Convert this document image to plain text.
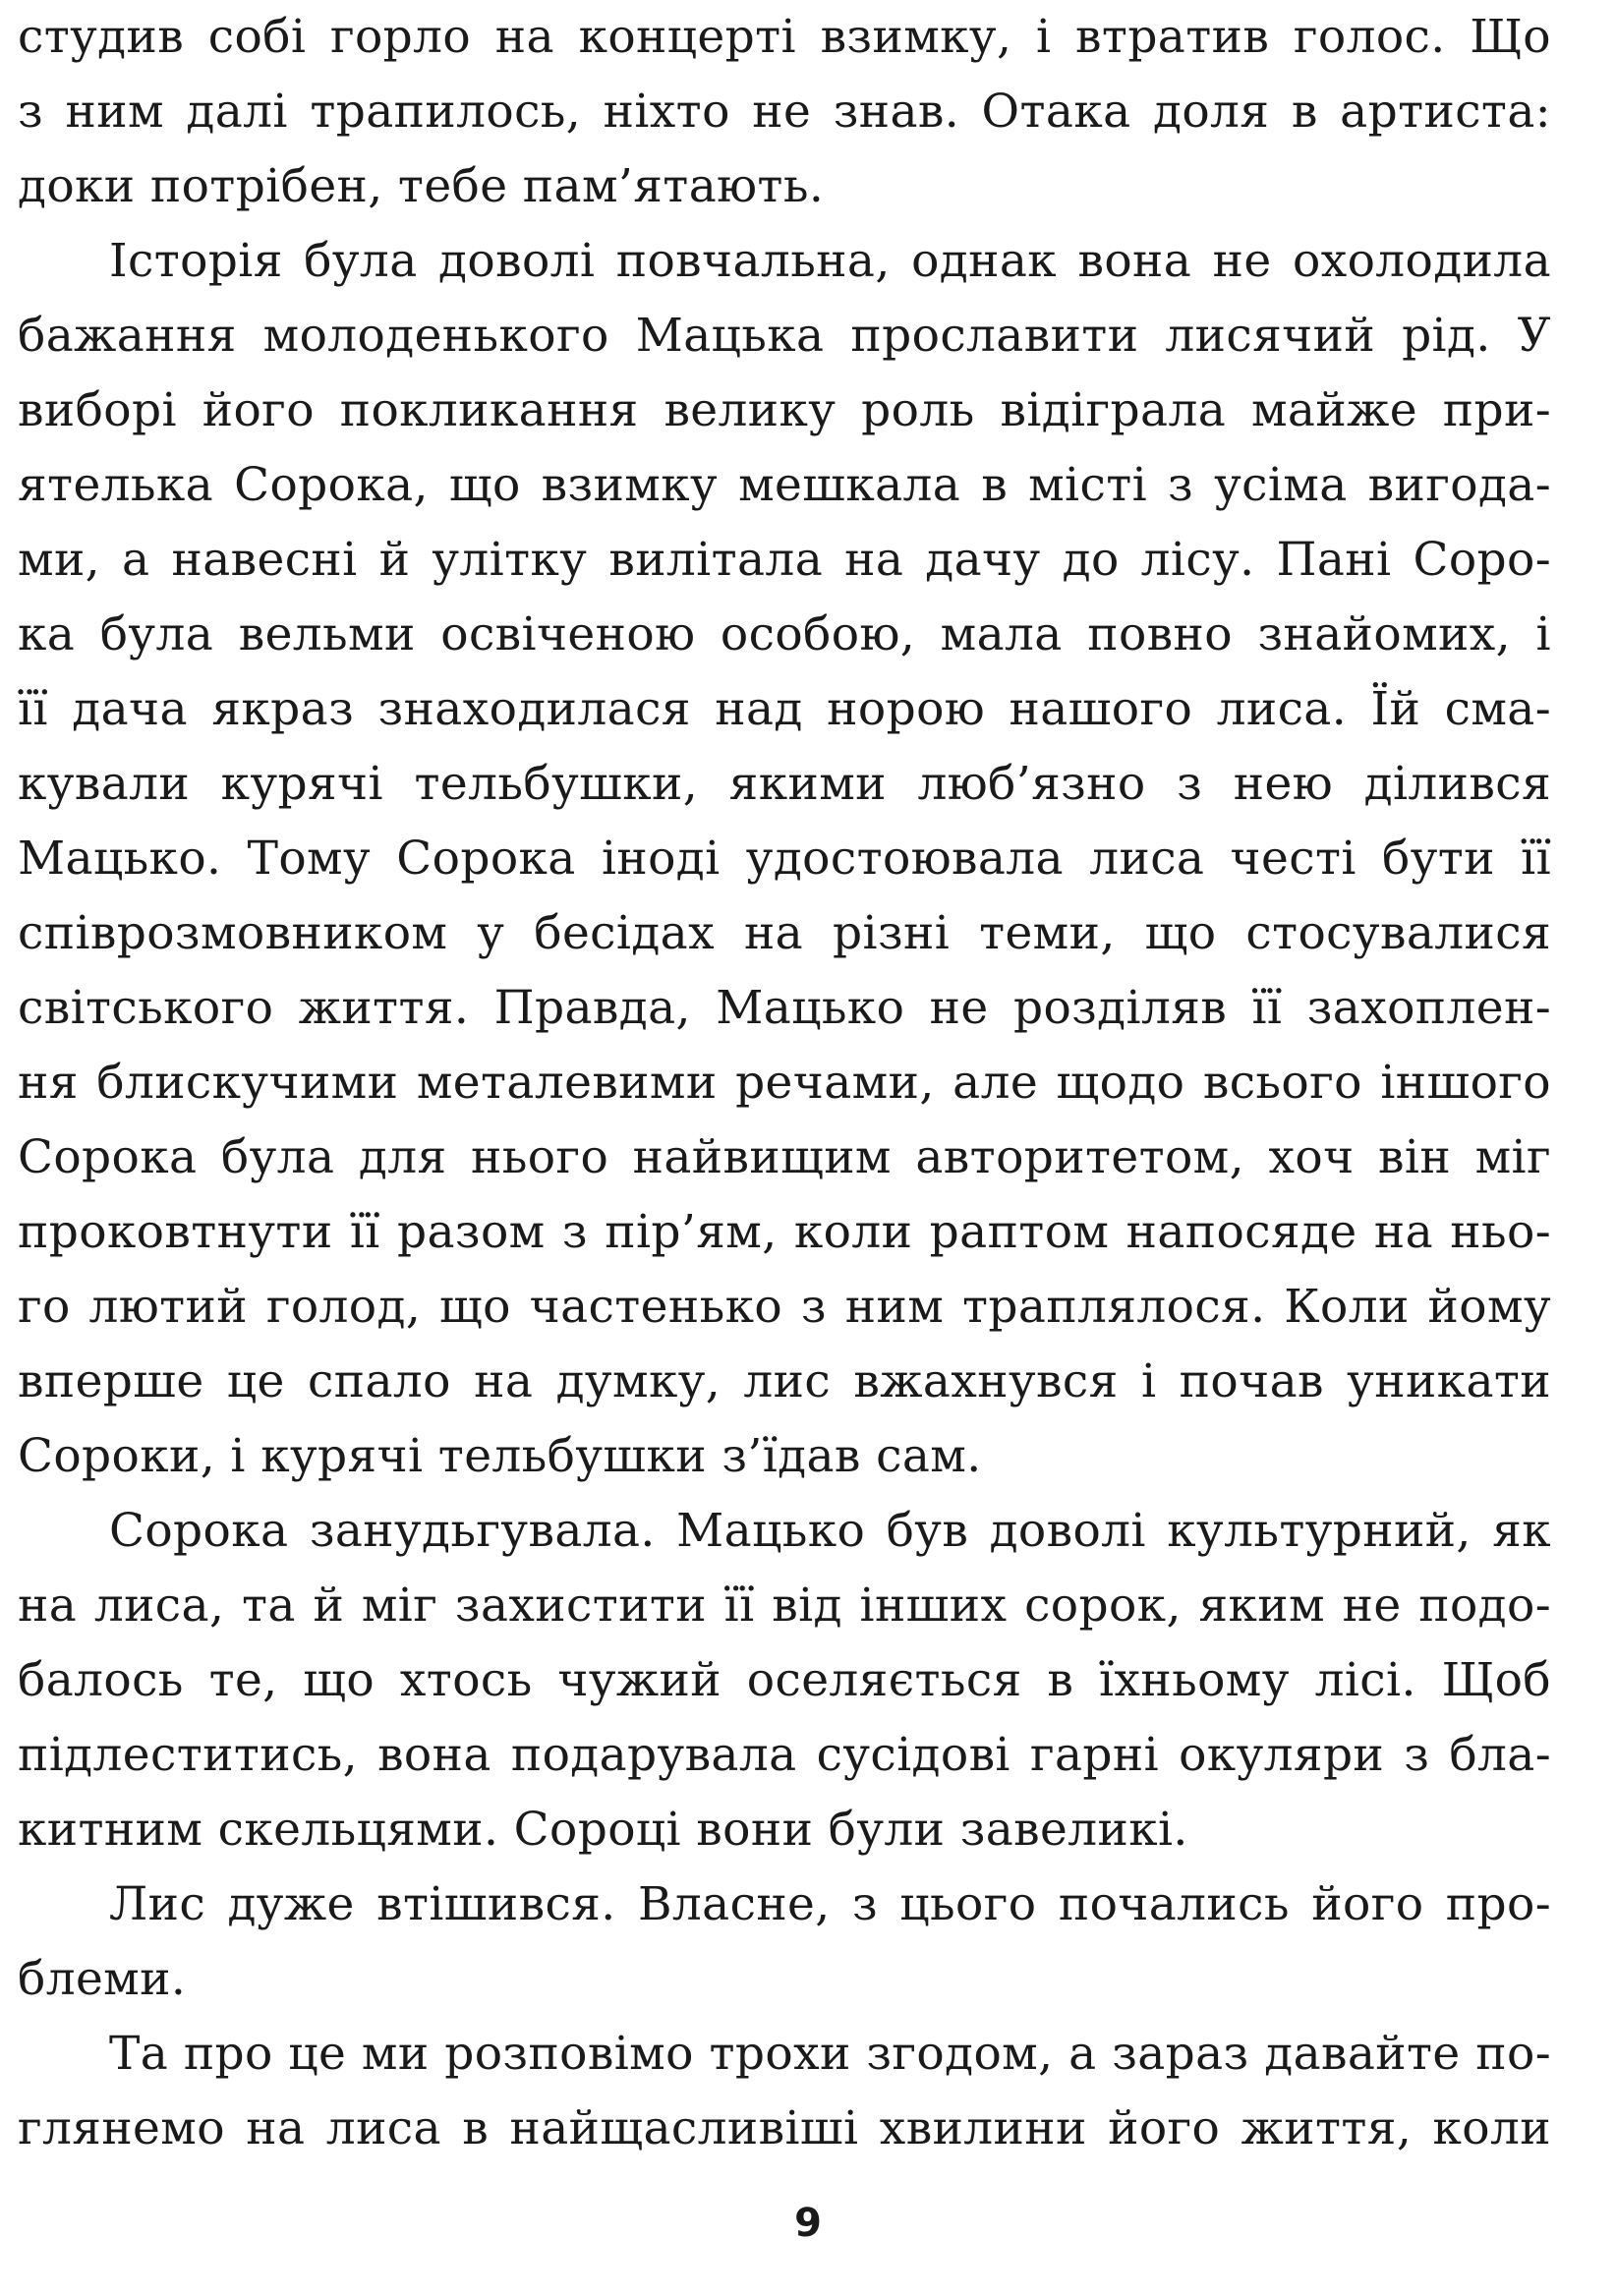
студив собі горло на концерті взимку, і втратив голос. Що
з ним далі трапилось, ніхто не знав. Отака доля в артиста:
доки потрібен, тебе пам’ятають.
Історія була доволі повчальна, однак вона не охолодила
бажання молоденького Мацька прославити лисячий рід. У
виборі його покликання велику роль відіграла майже при-
ятелька Сорока, що взимку мешкала в місті з усіма вигода-
ми, а навесні й улітку вилітала на дачу до лісу. Пані Соро-
ка була вельми освіченою особою, мала повно знайомих, і
її дача якраз знаходилася над норою нашого лиса. Їй сма-
кували курячі тельбушки, якими люб’язно з нею ділився
Мацько. Тому Сорока іноді удостоювала лиса честі бути її
співрозмовником у бесідах на різні теми, що стосувалися
світського життя. Правда, Мацько не розділяв її захоплен-
ня блискучими металевими речами, але щодо всього іншого
Сорока була для нього найвищим авторитетом, хоч він міг
проковтнути її разом з пір’ям, коли раптом напосяде на ньо-
го лютий голод, що частенько з ним траплялося. Коли йому
вперше це спало на думку, лис вжахнувся і почав уникати
Сороки, і курячі тельбушки з’їдав сам.
Сорока занудьгувала. Мацько був доволі культурний, як
на лиса, та й міг захистити її від інших сорок, яким не подо-
балось те, що хтось чужий оселяється в їхньому лісі. Щоб
підлеститись, вона подарувала сусідові гарні окуляри з бла-
китним скельцями. Сороці вони були завеликі.
Лис дуже втішився. Власне, з цього почались його про-
блеми.
Та про це ми розповімо трохи згодом, а зараз давайте по-
глянемо на лиса в найщасливіші хвилини його життя, коли
9
